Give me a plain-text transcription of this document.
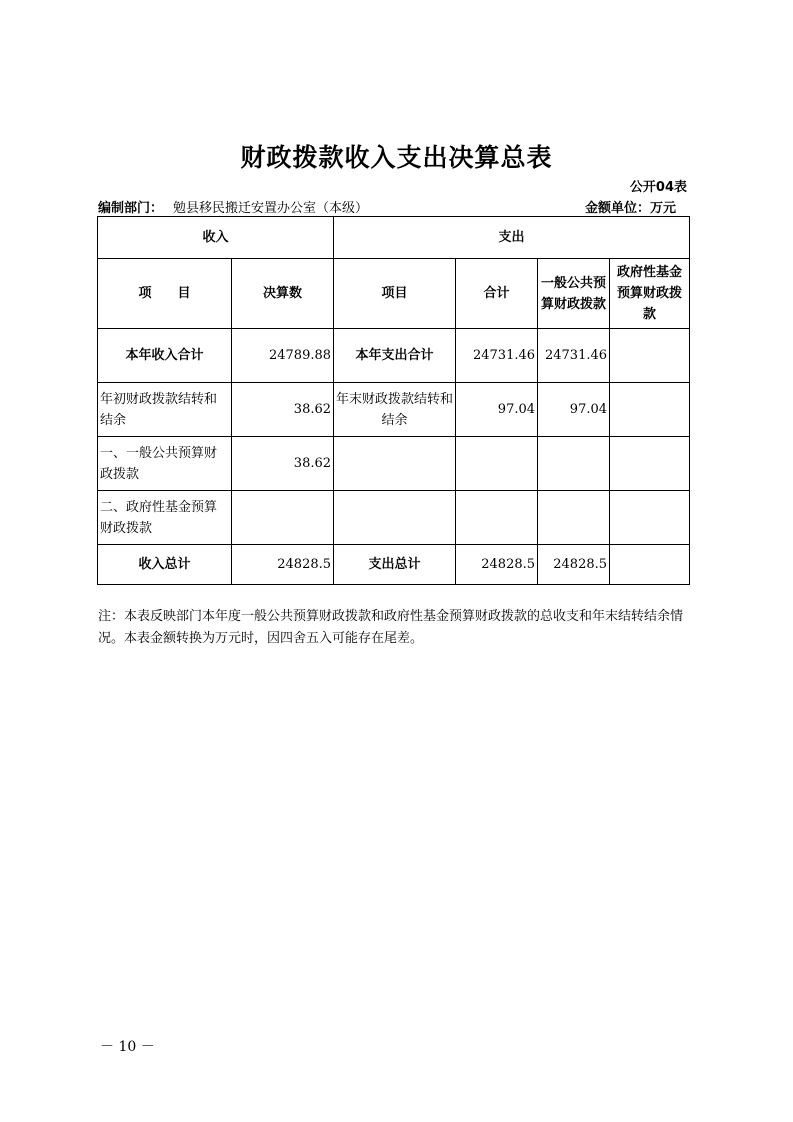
财政拨款收入支出决算总表
公开04表
编制部门： 勉县移民搬迁安置办公室（本级）	金额单位：万元
收入		支出			
项　　目	决算数	项目	合计	一般公共预算财政拨款	政府性基金预算财政拨款
本年收入合计	24789.88	本年支出合计	24731.46	24731.46	
年初财政拨款结转和结余	38.62	年末财政拨款结转和结余	97.04	97.04	
一、一般公共预算财政拨款	38.62				
二、政府性基金预算财政拨款					
收入总计	24828.5	支出总计	24828.5	24828.5	
注：本表反映部门本年度一般公共预算财政拨款和政府性基金预算财政拨款的总收支和年末结转结余情况。本表金额转换为万元时，因四舍五入可能存在尾差。
－ 10 －
